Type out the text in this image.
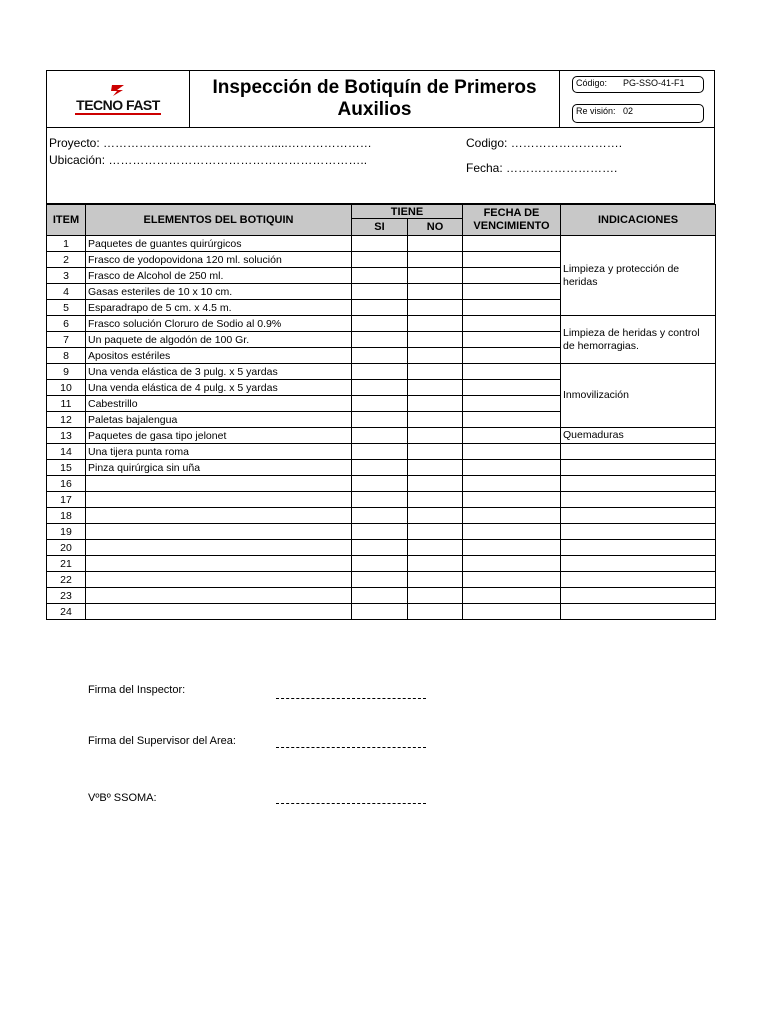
TECNO FAST
Inspección de Botiquín de Primeros
Auxilios
Código: PG-SSO-41-F1
Re visión: 02
Proyecto: …………………………………….....…………………
Ubicación: ………………………………………………………..
Codigo: ……………………….
Fecha: ……………………….
ITEM	ELEMENTOS DEL BOTIQUIN	TIENE		FECHA DE VENCIMIENTO	INDICACIONES
		SI	NO		
1	Paquetes de guantes quirúrgicos				Limpieza y protección de heridas
2	Frasco de yodopovidona 120 ml. solución				
3	Frasco de Alcohol de 250 ml.				
4	Gasas esteriles de 10 x 10 cm.				
5	Esparadrapo de 5 cm. x 4.5 m.				
6	Frasco solución Cloruro de Sodio al 0.9%				Limpieza de heridas y control de hemorragias.
7	Un paquete de algodón de 100 Gr.				
8	Apositos estériles				
9	Una venda elástica de 3 pulg. x 5 yardas				Inmovilización
10	Una venda elástica de 4 pulg. x 5 yardas				
11	Cabestrillo				
12	Paletas bajalengua				
13	Paquetes de gasa tipo jelonet				Quemaduras
14	Una tijera punta roma				
15	Pinza quirúrgica sin uña				
16					
17					
18					
19					
20					
21					
22					
23					
24					
Firma del Inspector:
Firma del Supervisor del Area:
VºBº SSOMA:
